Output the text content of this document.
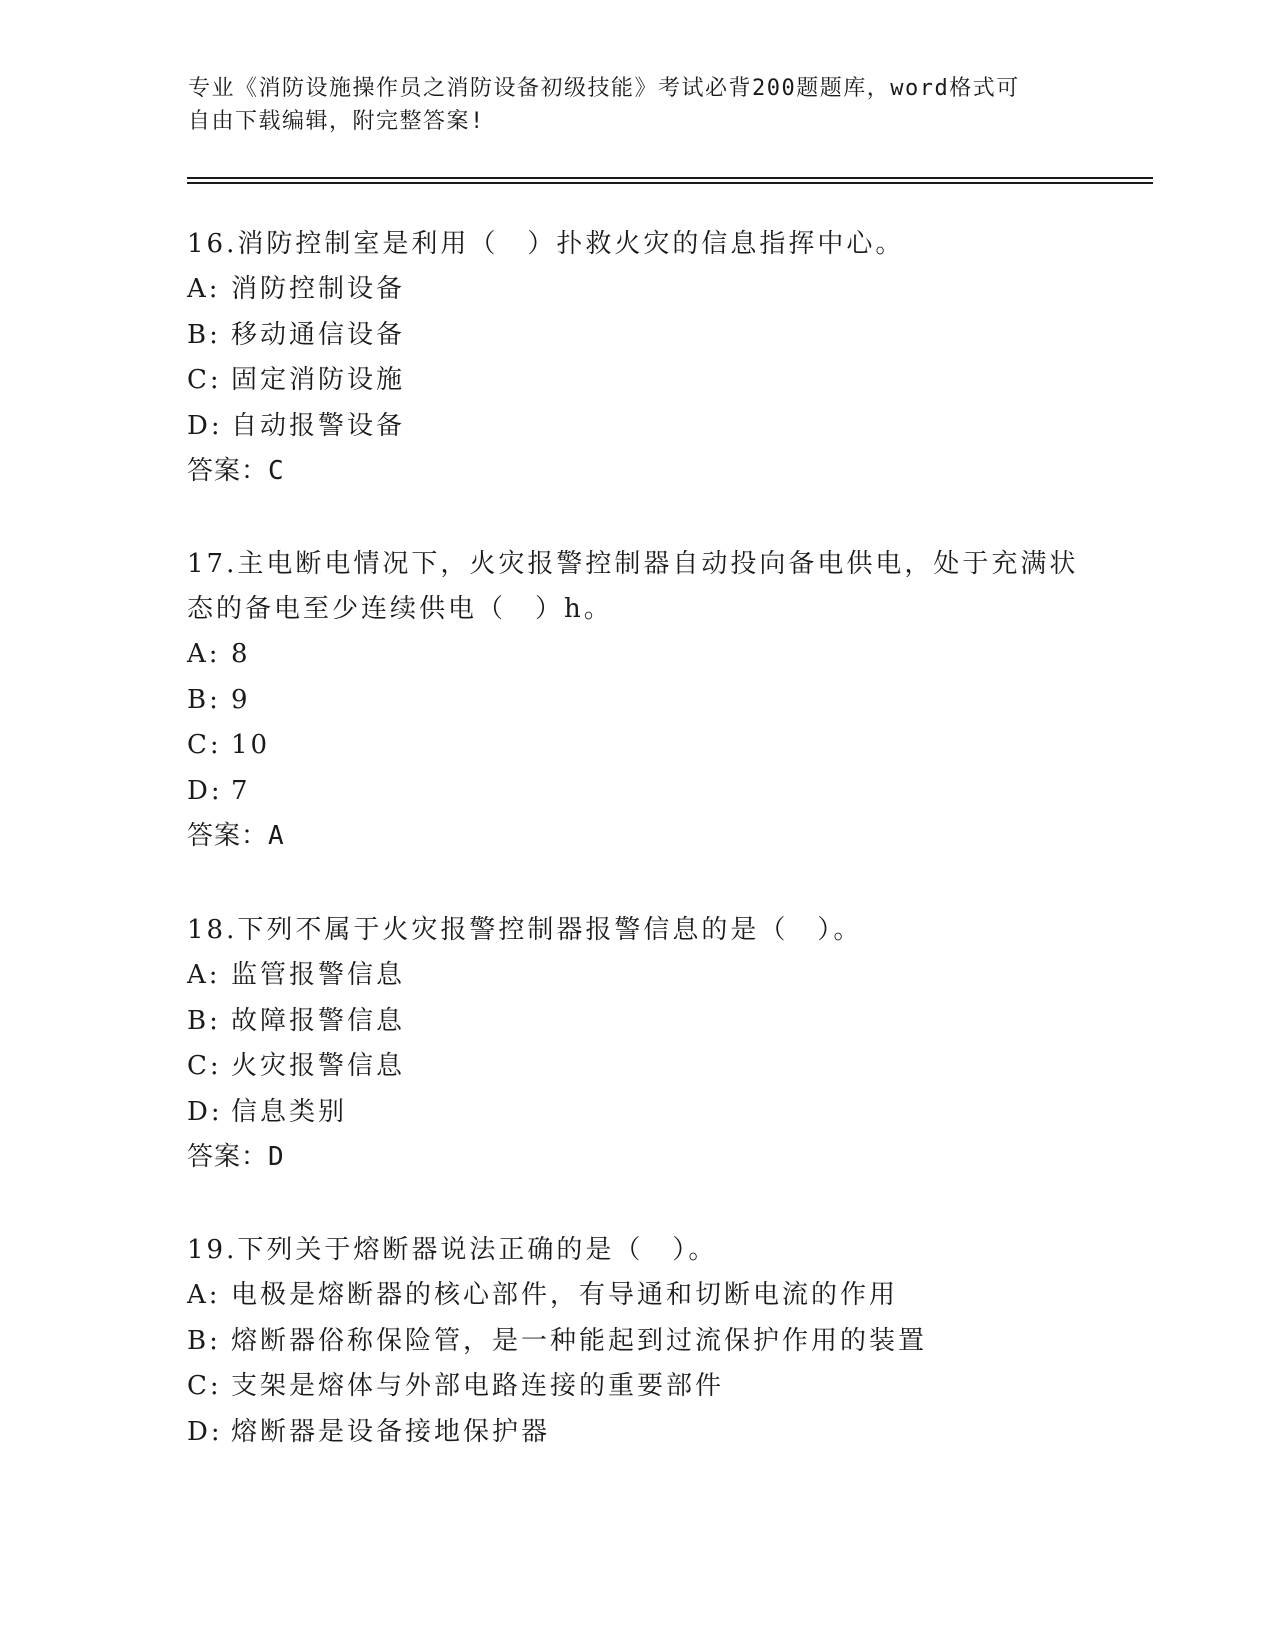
专业《消防设施操作员之消防设备初级技能》考试必背200题题库，word格式可
自由下载编辑，附完整答案!
16.消防控制室是利用（　）扑救火灾的信息指挥中心。
A: 消防控制设备
B: 移动通信设备
C: 固定消防设施
D: 自动报警设备
答案：C
17.主电断电情况下，火灾报警控制器自动投向备电供电，处于充满状
态的备电至少连续供电（　）h。
A: 8
B: 9
C: 10
D: 7
答案：A
18.下列不属于火灾报警控制器报警信息的是（　）。
A: 监管报警信息
B: 故障报警信息
C: 火灾报警信息
D: 信息类别
答案：D
19.下列关于熔断器说法正确的是（　）。
A: 电极是熔断器的核心部件，有导通和切断电流的作用
B: 熔断器俗称保险管，是一种能起到过流保护作用的装置
C: 支架是熔体与外部电路连接的重要部件
D: 熔断器是设备接地保护器
